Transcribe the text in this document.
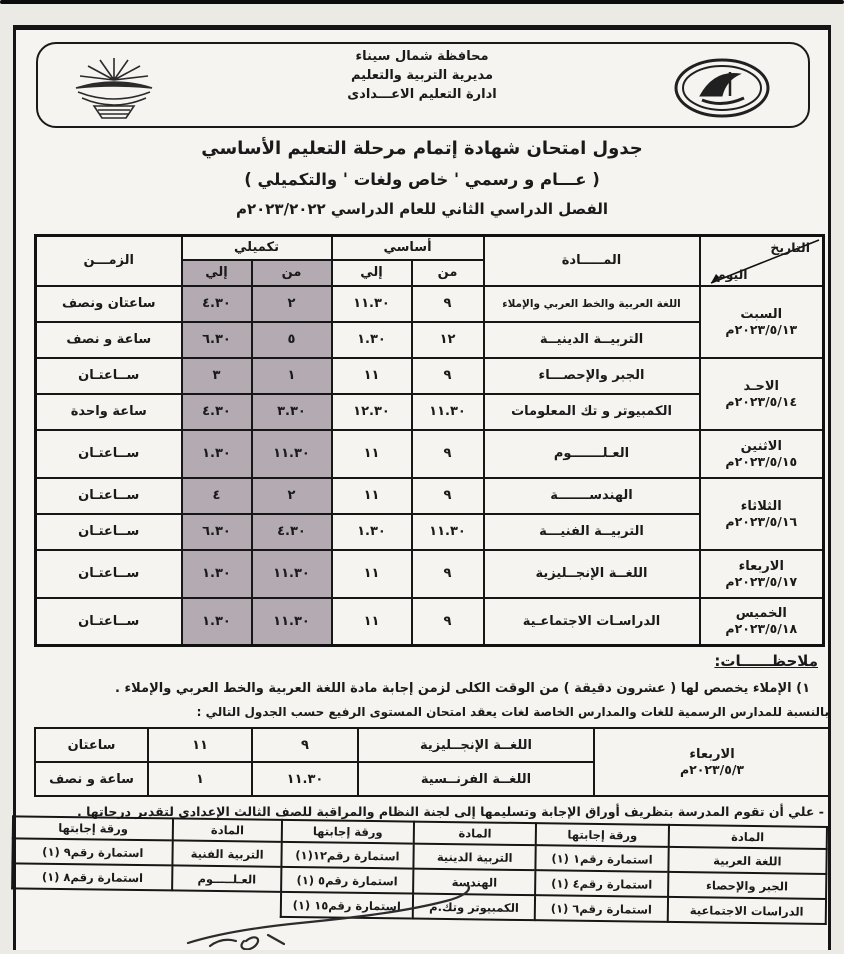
محافظة شمال سيناء
مديرية التربية والتعليم
ادارة التعليم الاعـــدادى
جدول امتحان شهادة إتمام مرحلة التعليم الأساسي
( عـــام و رسمي ' خاص ولغات ' والتكميلي )
الفصل الدراسي الثاني للعام الدراسي ٢٠٢٣/٢٠٢٢م
التاريخ
اليوم	المـــــادة	أساسي		تكميلي		الزمـــن
		من	إلي	من	إلي	

السبت
٢٠٢٣/٥/١٣م	اللغة العربية والخط العربي والإملاء	٩	١١.٣٠	٢	٤.٣٠	ساعتان ونصف
	التربيــة الدينيــة	١٢	١.٣٠	٥	٦.٣٠	ساعة و نصف

الاحـد
٢٠٢٣/٥/١٤م	الجبر والإحصـــاء	٩	١١	١	٣	ســاعتـان
	الكمبيوتر و تك المعلومات	١١.٣٠	١٢.٣٠	٣.٣٠	٤.٣٠	ساعة واحدة

الاثنين
٢٠٢٣/٥/١٥م	العـلـــــــوم	٩	١١	١١.٣٠	١.٣٠	ســاعتـان

الثلاثاء
٢٠٢٣/٥/١٦م	الهندســـــــة	٩	١١	٢	٤	ســاعتـان
	التربيــة الفنيـــة	١١.٣٠	١.٣٠	٤.٣٠	٦.٣٠	ســاعتـان

الاربعاء
٢٠٢٣/٥/١٧م	اللغــة الإنجــليزية	٩	١١	١١.٣٠	١.٣٠	ســاعتـان

الخميس
٢٠٢٣/٥/١٨م	الدراسـات الاجتماعـية	٩	١١	١١.٣٠	١.٣٠	ســاعتـان
ملاحظــــــات:
١) الإملاء يخصص لها ( عشرون دقيقة ) من الوقت الكلى لزمن إجابة مادة اللغة العربية والخط العربي والإملاء .
بالنسبة للمدارس الرسمية للغات والمدارس الخاصة لغات يعقد امتحان المستوى الرفيع حسب الجدول التالي :
الاربعاء
٢٠٢٣/٥/٣م	اللغــة الإنجــليزية	٩	١١	ساعتان
	اللغــة الفرنــسية	١١.٣٠	١	ساعة و نصف
- علي أن تقوم المدرسة بتظريف أوراق الإجابة وتسليمها إلى لجنة النظام والمراقبة للصف الثالث الإعدادي لتقدير درجاتها .
المادة	ورقة إجابتها	المادة	ورقة إجابتها	المادة	ورقة إجابتها
اللغة العربية	استمارة رقم١ (١)	التربية الدينية	استمارة رقم١٢(١)	التربية الفنية	استمارة رقم٩ (١)
الجبر والإحصاء	استمارة رقم٤ (١)	الهندسة	استمارة رقم٥ (١)	العـلـــــوم	استمارة رقم٨ (١)
الدراسات الاجتماعية	استمارة رقم٦ (١)	الكمبيوتر وتك.م	استمارة رقم١٥ (١)		
